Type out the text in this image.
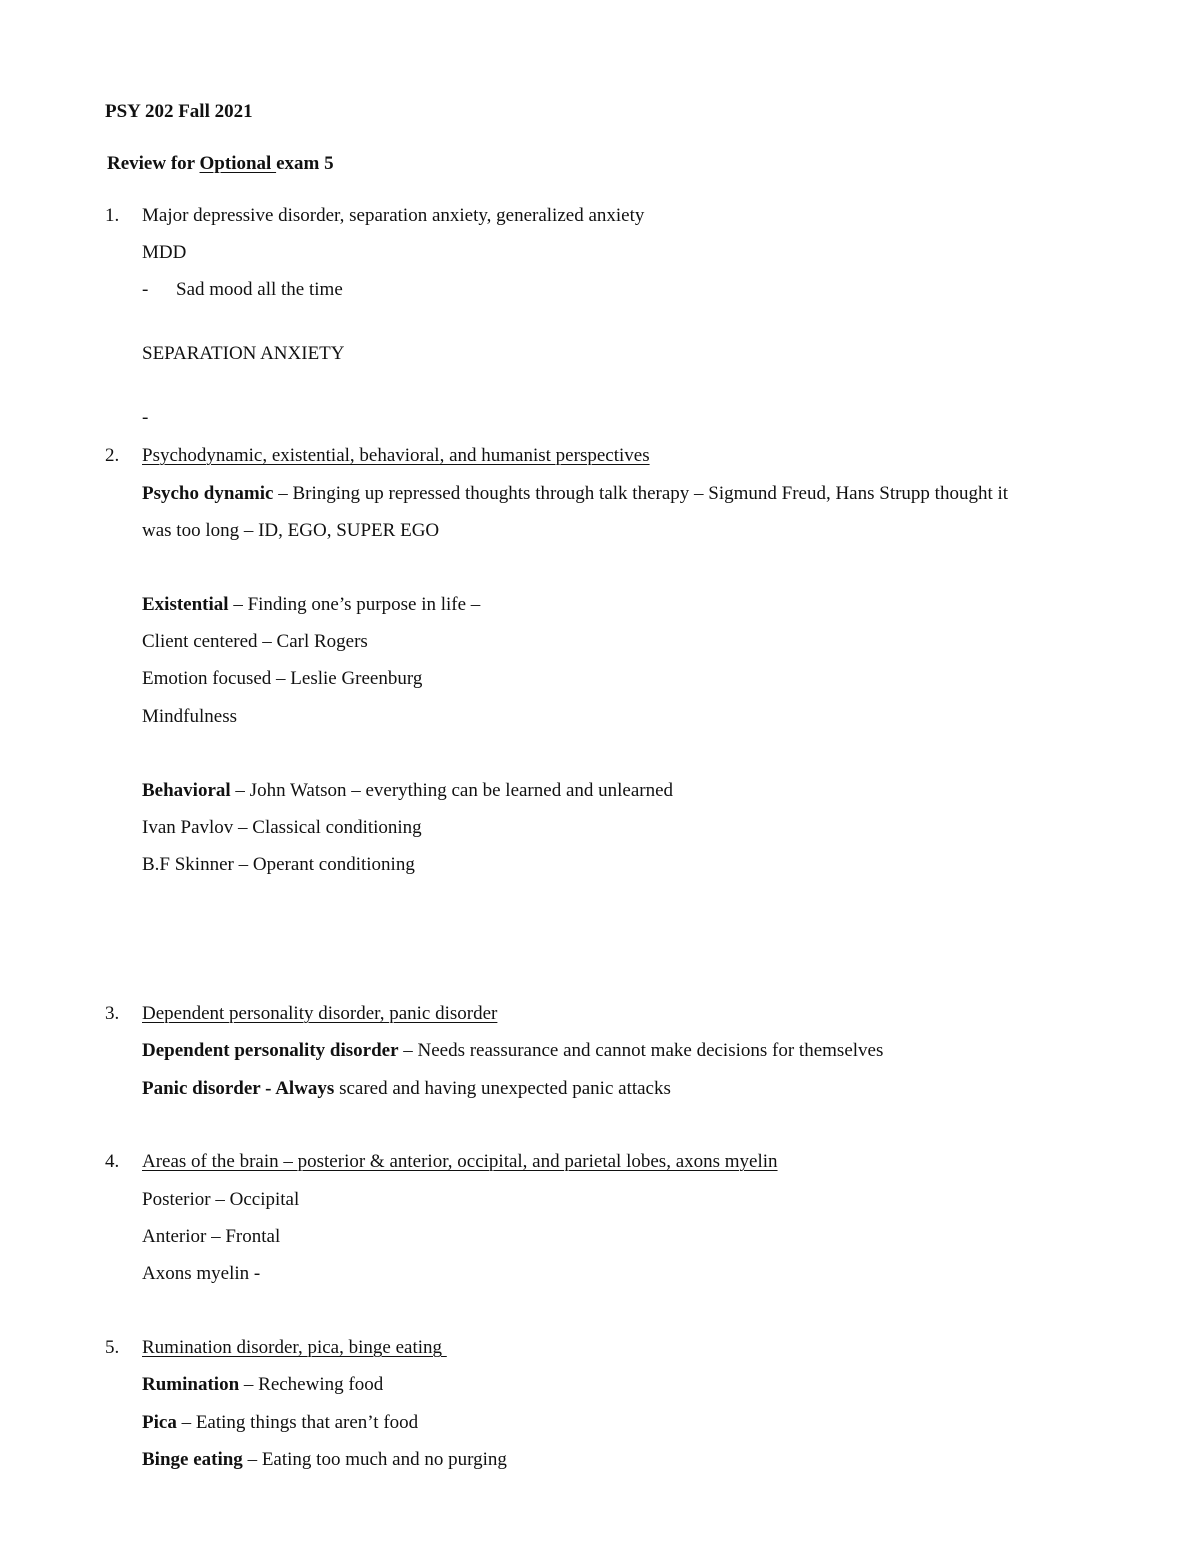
PSY 202 Fall 2021
Review for Optional exam 5
1. Major depressive disorder, separation anxiety, generalized anxiety
MDD
- Sad mood all the time
SEPARATION ANXIETY
-
2. Psychodynamic, existential, behavioral, and humanist perspectives
Psycho dynamic – Bringing up repressed thoughts through talk therapy – Sigmund Freud, Hans Strupp thought it
was too long – ID, EGO, SUPER EGO
Existential – Finding one’s purpose in life –
Client centered – Carl Rogers
Emotion focused – Leslie Greenburg
Mindfulness
Behavioral – John Watson – everything can be learned and unlearned
Ivan Pavlov – Classical conditioning
B.F Skinner – Operant conditioning
3. Dependent personality disorder, panic disorder
Dependent personality disorder – Needs reassurance and cannot make decisions for themselves
Panic disorder - Always scared and having unexpected panic attacks
4. Areas of the brain – posterior & anterior, occipital, and parietal lobes, axons myelin
Posterior – Occipital
Anterior – Frontal
Axons myelin -
5. Rumination disorder, pica, binge eating
Rumination – Rechewing food
Pica – Eating things that aren’t food
Binge eating – Eating too much and no purging
